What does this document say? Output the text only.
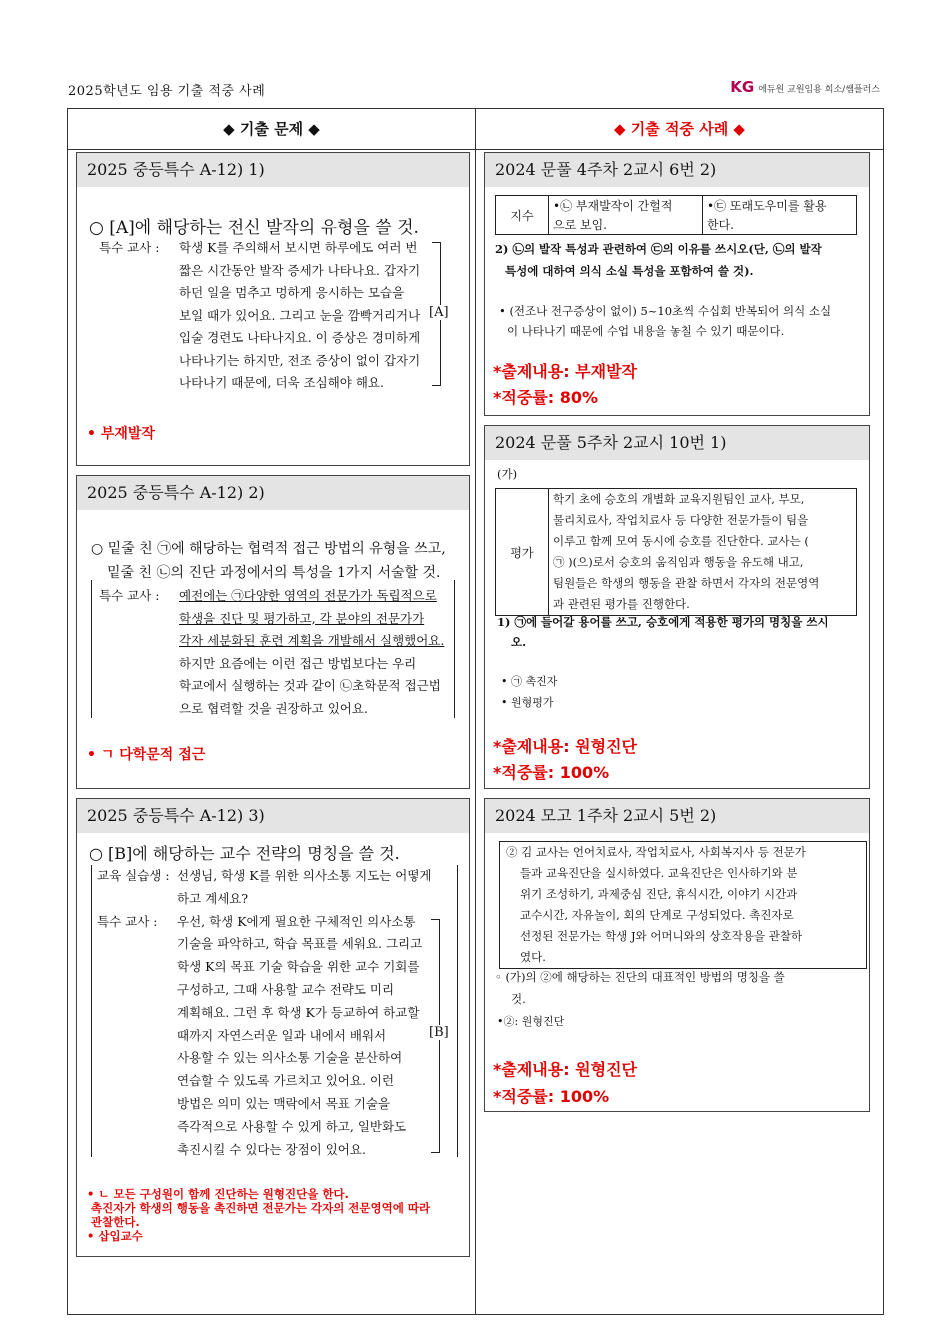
2025학년도 임용 기출 적중 사례	KG 에듀원 교원임용 희소/쌤플러스
◆ 기출 문제 ◆	◆ 기출 적중 사례 ◆
2025 중등특수 A-12) 1)
○ [A]에 해당하는 전신 발작의 유형을 쓸 것.
특수 교사 : 학생 K를 주의해서 보시면 하루에도 여러 번
짧은 시간동안 발작 증세가 나타나요. 갑자기
하던 일을 멈추고 멍하게 응시하는 모습을
보일 때가 있어요. 그리고 눈을 깜빡거리거나
입술 경련도 나타나지요. 이 증상은 경미하게
나타나기는 하지만, 전조 증상이 없이 갑자기
나타나기 때문에, 더욱 조심해야 해요.
[A]
• 부재발작
2025 중등특수 A-12) 2)
○ 밑줄 친 ㉠에 해당하는 협력적 접근 방법의 유형을 쓰고,
밑줄 친 ㉡의 진단 과정에서의 특성을 1가지 서술할 것.
특수 교사 : 예전에는 ㉠다양한 영역의 전문가가 독립적으로
학생을 진단 및 평가하고, 각 분야의 전문가가
각자 세분화된 훈련 계획을 개발해서 실행했어요.
하지만 요즘에는 이런 접근 방법보다는 우리
학교에서 실행하는 것과 같이 ㉡초학문적 접근법
으로 협력할 것을 권장하고 있어요.
• ㄱ 다학문적 접근
2025 중등특수 A-12) 3)
○ [B]에 해당하는 교수 전략의 명칭을 쓸 것.
교육 실습생 : 선생님, 학생 K를 위한 의사소통 지도는 어떻게
하고 계세요?
특수 교사 : 우선, 학생 K에게 필요한 구체적인 의사소통
기술을 파악하고, 학습 목표를 세워요. 그리고
학생 K의 목표 기술 학습을 위한 교수 기회를
구성하고, 그때 사용할 교수 전략도 미리
계획해요. 그런 후 학생 K가 등교하여 하교할
때까지 자연스러운 일과 내에서 배워서
사용할 수 있는 의사소통 기술을 분산하여
연습할 수 있도록 가르치고 있어요. 이런
방법은 의미 있는 맥락에서 목표 기술을
즉각적으로 사용할 수 있게 하고, 일반화도
촉진시킬 수 있다는 장점이 있어요.
[B]
• ㄴ 모든 구성원이 함께 진단하는 원형진단을 한다.
촉진자가 학생의 행동을 촉진하면 전문가는 각자의 전문영역에 따라
관찰한다.
• 삽입교수
2024 문풀 4주차 2교시 6번 2)
지수	•㉡ 부재발작이 간헐적	•㉢ 또래도우미를 활용
	으로 보임.	한다.
2) ㉡의 발작 특성과 관련하여 ㉢의 이유를 쓰시오(단, ㉡의 발작
특성에 대하여 의식 소실 특성을 포함하여 쓸 것).
• (전조나 전구증상이 없이) 5~10초씩 수십회 반복되어 의식 소실
이 나타나기 때문에 수업 내용을 놓칠 수 있기 때문이다.
*출제내용: 부재발작
*적중률: 80%
2024 문풀 5주차 2교시 10번 1)
(가)
평가	
학기 초에 승호의 개별화 교육지원팀인 교사, 부모,
물리치료사, 작업치료사 등 다양한 전문가들이 팀을
이루고 함께 모여 동시에 승호를 진단한다. 교사는 (
㉠ )(으)로서 승호의 움직임과 행동을 유도해 내고,
팀원들은 학생의 행동을 관찰 하면서 각자의 전문영역
과 관련된 평가를 진행한다.
1) ㉠에 들어갈 용어를 쓰고, 승호에게 적용한 평가의 명칭을 쓰시
오.
• ㉠ 촉진자
• 원형평가
*출제내용: 원형진단
*적중률: 100%
2024 모고 1주차 2교시 5번 2)
② 김 교사는 언어치료사, 작업치료사, 사회복지사 등 전문가
들과 교육진단을 실시하였다. 교육진단은 인사하기와 분
위기 조성하기, 과제중심 진단, 휴식시간, 이야기 시간과
교수시간, 자유놀이, 회의 단계로 구성되었다. 촉진자로
선정된 전문가는 학생 J와 어머니와의 상호작용을 관찰하
였다.
◦ (가)의 ②에 해당하는 진단의 대표적인 방법의 명칭을 쓸
것.
•②: 원형진단
*출제내용: 원형진단
*적중률: 100%
